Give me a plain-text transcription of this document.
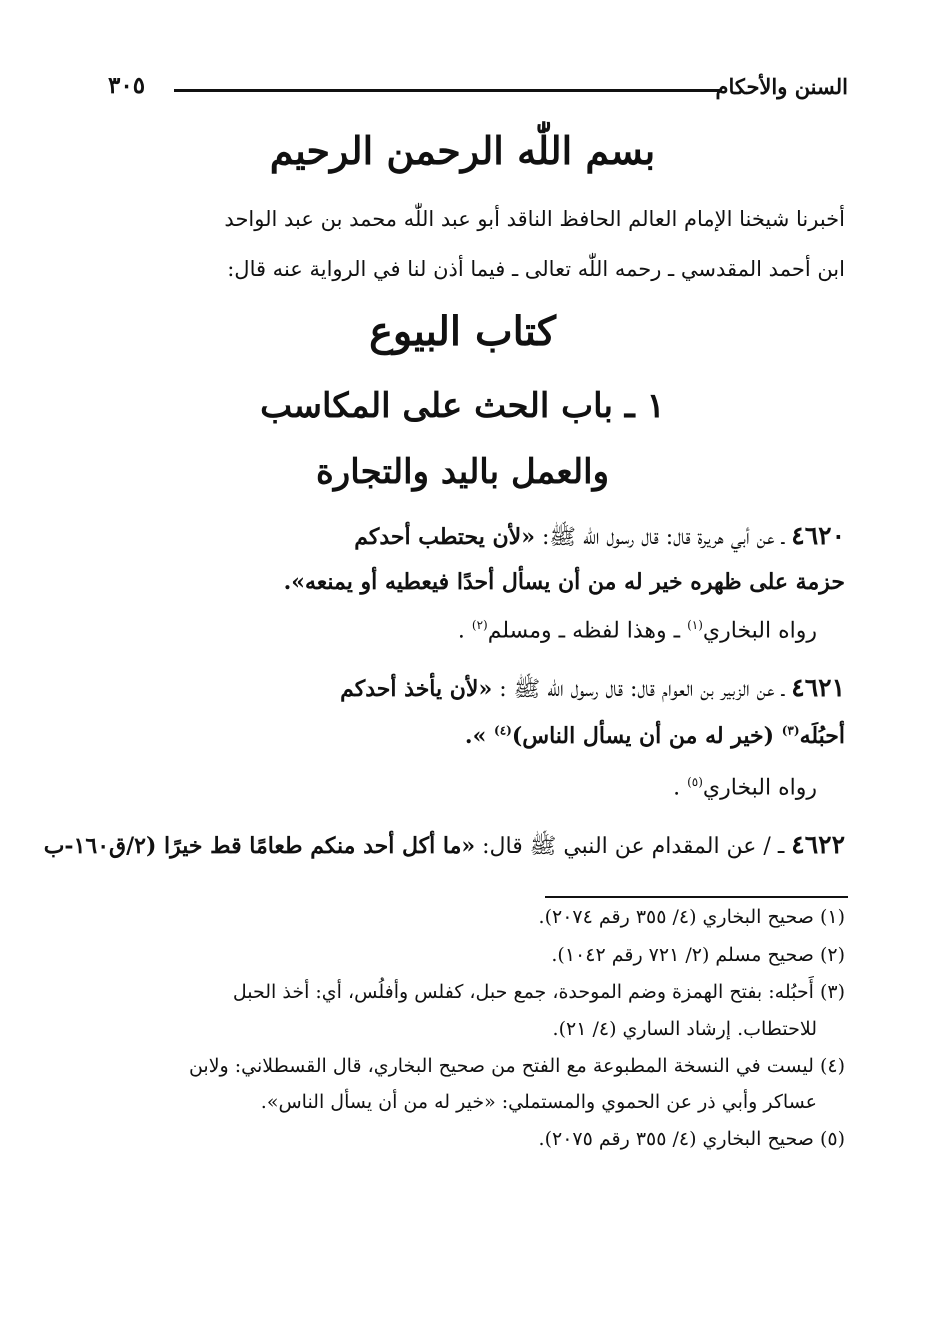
السنن والأحكام
٣٠٥
بسم اللّٰه الرحمن الرحيم
أخبرنا شيخنا الإمام العالم الحافظ الناقد أبو عبد اللّٰه محمد بن عبد الواحد
ابن أحمد المقدسي ـ رحمه اللّٰه تعالى ـ فيما أذن لنا في الرواية عنه قال:
كتاب البيوع
١ ـ باب الحث على المكاسب
والعمل باليد والتجارة
٤٦٢٠ ـ عن أبي هريرة قال: قال رسول اللّٰه ﷺ: «لأن يحتطب أحدكم
حزمة على ظهره خير له من أن يسأل أحدًا فيعطيه أو يمنعه».
رواه البخاري$^{(١)}$ ـ وهذا لفظه ـ ومسلم$^{(٢)}$ .
٤٦٢١ ـ عن الزبير بن العوام قال: قال رسول اللّٰه ﷺ : «لأن يأخذ أحدكم
أحبُلَه$^{(٣)}$ (خير له من أن يسأل الناس)$^{(٤)}$ ».
رواه البخاري$^{(٥)}$ .
٤٦٢٢ ـ / عن المقدام عن النبي ﷺ قال: «ما أكل أحد منكم طعامًا قط خيرًا (٢/ق١٦٠-ب
(١) صحيح البخاري (٤/ ٣٥٥ رقم ٢٠٧٤).
(٢) صحيح مسلم (٢/ ٧٢١ رقم ١٠٤٢).
(٣) أَحبُله: بفتح الهمزة وضم الموحدة، جمع حبل، كفلس وأفلُس، أي: أخذ الحبل
للاحتطاب. إرشاد الساري (٤/ ٢١).
(٤) ليست في النسخة المطبوعة مع الفتح من صحيح البخاري، قال القسطلاني: ولابن
عساكر وأبي ذر عن الحموي والمستملي: «خير له من أن يسأل الناس».
(٥) صحيح البخاري (٤/ ٣٥٥ رقم ٢٠٧٥).
